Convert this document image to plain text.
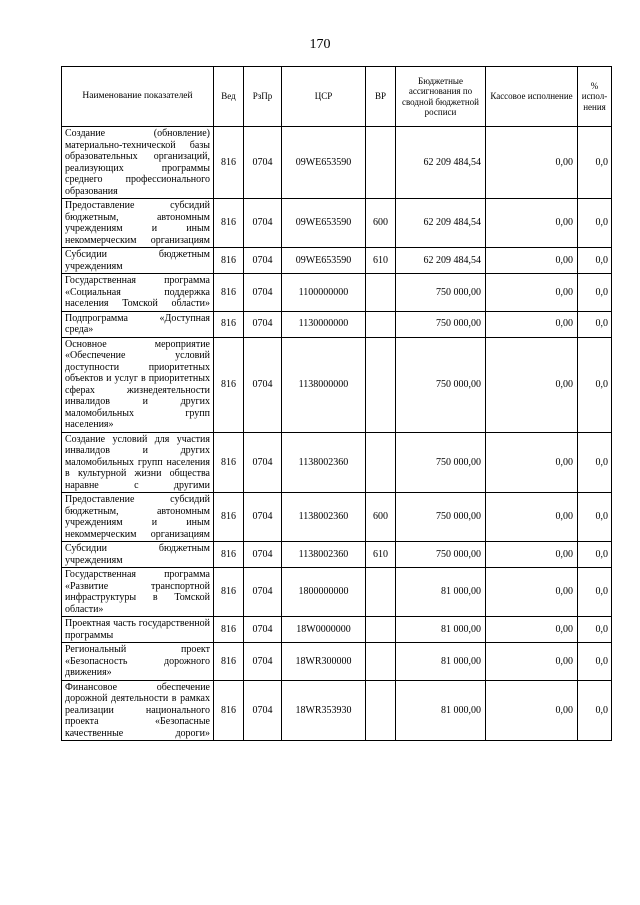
170
Наименование показателей	Вед	РзПр	ЦСР	ВР	Бюджетные ассигнования по сводной бюджетной росписи	Кассовое исполнение	% испол-нения
Создание (обновление) материально-технической базы образовательных организаций, реализующих программы среднего профессионального образования	816	0704	09WE653590		62 209 484,54	0,00	0,0
Предоставление субсидий бюджетным, автономным учреждениям и иным некоммерческим организациям	816	0704	09WE653590	600	62 209 484,54	0,00	0,0
Субсидии бюджетным учреждениям	816	0704	09WE653590	610	62 209 484,54	0,00	0,0
Государственная программа «Социальная поддержка населения Томской области»	816	0704	1100000000		750 000,00	0,00	0,0
Подпрограмма «Доступная среда»	816	0704	1130000000		750 000,00	0,00	0,0
Основное мероприятие «Обеспечение условий доступности приоритетных объектов и услуг в приоритетных сферах жизнедеятельности инвалидов и других маломобильных групп населения»	816	0704	1138000000		750 000,00	0,00	0,0
Создание условий для участия инвалидов и других маломобильных групп населения в культурной жизни общества наравне с другими	816	0704	1138002360		750 000,00	0,00	0,0
Предоставление субсидий бюджетным, автономным учреждениям и иным некоммерческим организациям	816	0704	1138002360	600	750 000,00	0,00	0,0
Субсидии бюджетным учреждениям	816	0704	1138002360	610	750 000,00	0,00	0,0
Государственная программа «Развитие транспортной инфраструктуры в Томской области»	816	0704	1800000000		81 000,00	0,00	0,0
Проектная часть государственной программы	816	0704	18W0000000		81 000,00	0,00	0,0
Региональный проект «Безопасность дорожного движения»	816	0704	18WR300000		81 000,00	0,00	0,0
Финансовое обеспечение дорожной деятельности в рамках реализации национального проекта «Безопасные качественные дороги»	816	0704	18WR353930		81 000,00	0,00	0,0
